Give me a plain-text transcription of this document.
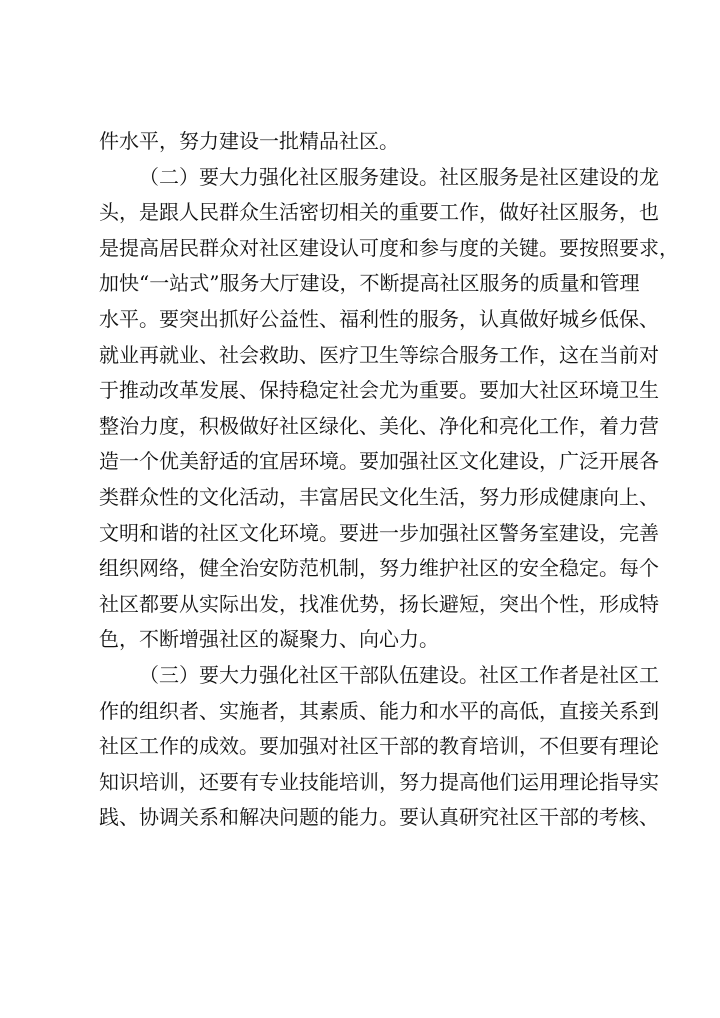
件水平，努力建设一批精品社区。
（二）要大力强化社区服务建设。社区服务是社区建设的龙
头，是跟人民群众生活密切相关的重要工作，做好社区服务，也
是提高居民群众对社区建设认可度和参与度的关键。要按照要求，
加快“一站式”服务大厅建设，不断提高社区服务的质量和管理
水平。要突出抓好公益性、福利性的服务，认真做好城乡低保、
就业再就业、社会救助、医疗卫生等综合服务工作，这在当前对
于推动改革发展、保持稳定社会尤为重要。要加大社区环境卫生
整治力度，积极做好社区绿化、美化、净化和亮化工作，着力营
造一个优美舒适的宜居环境。要加强社区文化建设，广泛开展各
类群众性的文化活动，丰富居民文化生活，努力形成健康向上、
文明和谐的社区文化环境。要进一步加强社区警务室建设，完善
组织网络，健全治安防范机制，努力维护社区的安全稳定。每个
社区都要从实际出发，找准优势，扬长避短，突出个性，形成特
色，不断增强社区的凝聚力、向心力。
（三）要大力强化社区干部队伍建设。社区工作者是社区工
作的组织者、实施者，其素质、能力和水平的高低，直接关系到
社区工作的成效。要加强对社区干部的教育培训，不但要有理论
知识培训，还要有专业技能培训，努力提高他们运用理论指导实
践、协调关系和解决问题的能力。要认真研究社区干部的考核、
